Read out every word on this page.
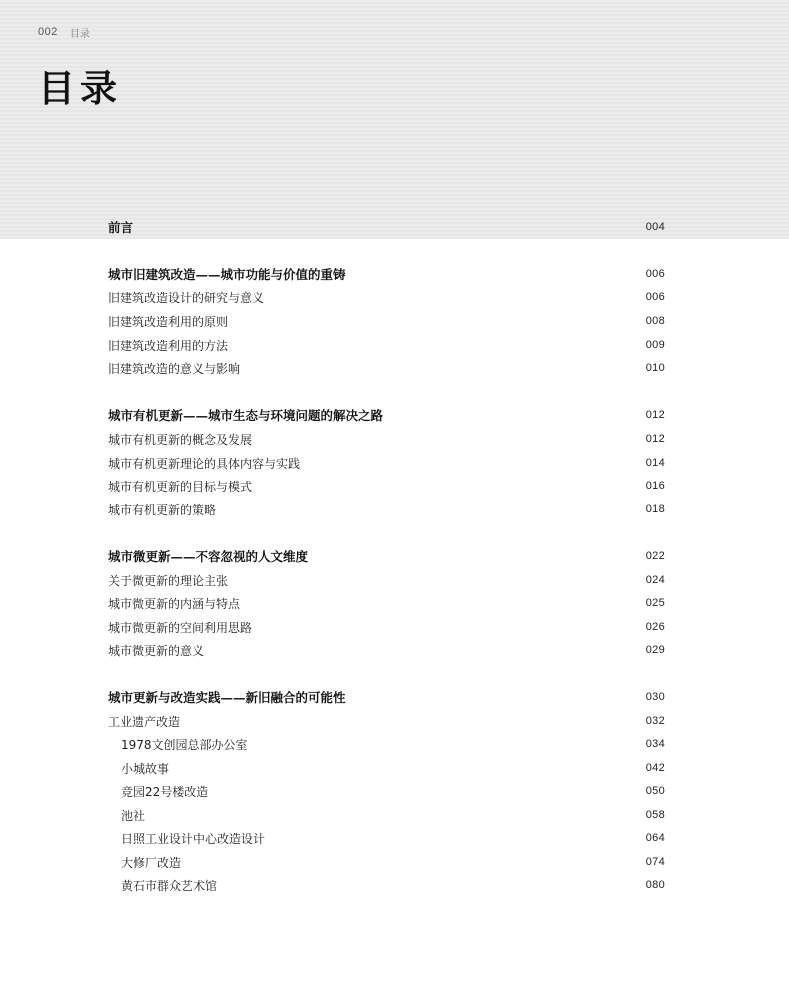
002 目录
目录
前言	004
城市旧建筑改造——城市功能与价值的重铸	006
旧建筑改造设计的研究与意义	006
旧建筑改造利用的原则	008
旧建筑改造利用的方法	009
旧建筑改造的意义与影响	010
城市有机更新——城市生态与环境问题的解决之路	012
城市有机更新的概念及发展	012
城市有机更新理论的具体内容与实践	014
城市有机更新的目标与模式	016
城市有机更新的策略	018
城市微更新——不容忽视的人文维度	022
关于微更新的理论主张	024
城市微更新的内涵与特点	025
城市微更新的空间利用思路	026
城市微更新的意义	029
城市更新与改造实践——新旧融合的可能性	030
工业遗产改造	032
1978文创园总部办公室	034
小城故事	042
竞园22号楼改造	050
池社	058
日照工业设计中心改造设计	064
大修厂改造	074
黄石市群众艺术馆	080
